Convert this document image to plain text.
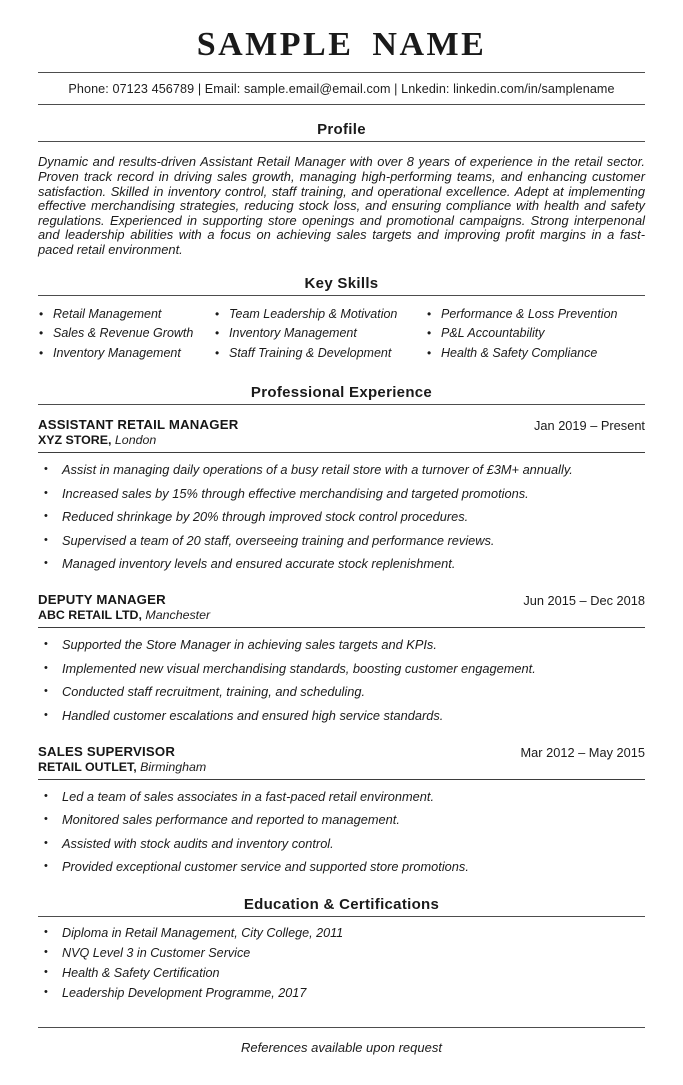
SAMPLE NAME
Phone: 07123 456789 | Email: sample.email@email.com | Lnkedin: linkedin.com/in/samplename
Profile

Dynamic and results-driven Assistant Retail Manager with over 8 years of experience in the retail sector. Proven track record in driving sales growth, managing high-performing teams, and enhancing customer satisfaction. Skilled in inventory control, staff training, and operational excellence. Adept at implementing effective merchandising strategies, reducing stock loss, and ensuring compliance with health and safety regulations. Experienced in supporting store openings and promotional campaigns. Strong interpenonal and leadership abilities with a focus on achieving sales targets and improving profit margins in a fast-paced retail environment.

Key Skills
• Retail Management
• Sales & Revenue Growth
• Inventory Management
• Team Leadership & Motivation
• Inventory Management
• Staff Training & Development
• Performance & Loss Prevention
• P&L Accountability
• Health & Safety Compliance
Professional Experience
ASSISTANT RETAIL MANAGER
XYZ STORE, London
Jan 2019 – Present
• Assist in managing daily operations of a busy retail store with a turnover of £3M+ annually.
• Increased sales by 15% through effective merchandising and targeted promotions.
• Reduced shrinkage by 20% through improved stock control procedures.
• Supervised a team of 20 staff, overseeing training and performance reviews.
• Managed inventory levels and ensured accurate stock replenishment.
DEPUTY MANAGER
ABC RETAIL LTD, Manchester
Jun 2015 – Dec 2018
• Supported the Store Manager in achieving sales targets and KPIs.
• Implemented new visual merchandising standards, boosting customer engagement.
• Conducted staff recruitment, training, and scheduling.
• Handled customer escalations and ensured high service standards.
SALES SUPERVISOR
RETAIL OUTLET, Birmingham
Mar 2012 – May 2015
• Led a team of sales associates in a fast-paced retail environment.
• Monitored sales performance and reported to management.
• Assisted with stock audits and inventory control.
• Provided exceptional customer service and supported store promotions.
Education & Certifications
• Diploma in Retail Management, City College, 2011
• NVQ Level 3 in Customer Service
• Health & Safety Certification
• Leadership Development Programme, 2017
References available upon request
